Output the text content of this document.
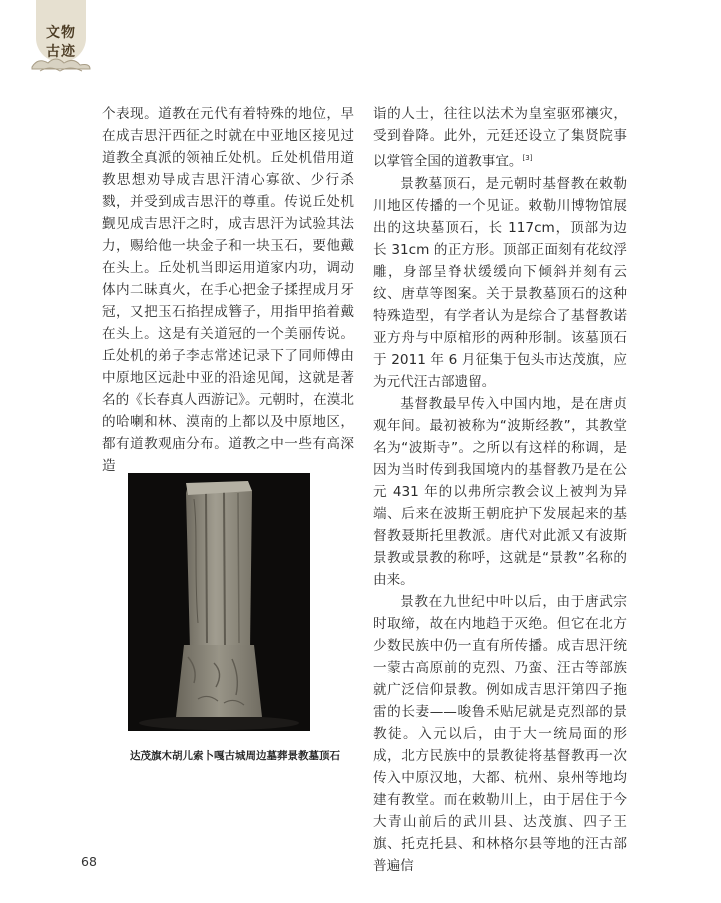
文物
古迹

个表现。道教在元代有着特殊的地位，早在成吉思汗西征之时就在中亚地区接见过道教全真派的领袖丘处机。丘处机借用道教思想劝导成吉思汗清心寡欲、少行杀戮，并受到成吉思汗的尊重。传说丘处机觐见成吉思汗之时，成吉思汗为试验其法力，赐给他一块金子和一块玉石，要他戴在头上。丘处机当即运用道家内功，调动体内二昧真火，在手心把金子揉捏成月牙冠，又把玉石掐捏成簪子，用指甲掐着戴在头上。这是有关道冠的一个美丽传说。丘处机的弟子李志常述记录下了同师傅由中原地区远赴中亚的沿途见闻，这就是著名的《长春真人西游记》。元朝时，在漠北的哈喇和林、漠南的上都以及中原地区，都有道教观庙分布。道教之中一些有高深造

达茂旗木胡儿索卜嘎古城周边墓葬景教墓顶石

诣的人士，往往以法术为皇室驱邪禳灾，受到眷降。此外，元廷还设立了集贤院事以掌管全国的道教事宜。[3]

景教墓顶石，是元朝时基督教在敕勒川地区传播的一个见证。敕勒川博物馆展出的这块墓顶石，长 117cm，顶部为边长 31cm 的正方形。顶部正面刻有花纹浮雕，身部呈脊状缓缓向下倾斜并刻有云纹、唐草等图案。关于景教墓顶石的这种特殊造型，有学者认为是综合了基督教诺亚方舟与中原棺形的两种形制。该墓顶石于 2011 年 6 月征集于包头市达茂旗，应为元代汪古部遗留。

基督教最早传入中国内地，是在唐贞观年间。最初被称为“波斯经教”，其教堂名为“波斯寺”。之所以有这样的称调，是因为当时传到我国境内的基督教乃是在公元 431 年的以弗所宗教会议上被判为异端、后来在波斯王朝庇护下发展起来的基督教聂斯托里教派。唐代对此派又有波斯景教或景教的称呼，这就是“景教”名称的由来。

景教在九世纪中叶以后，由于唐武宗时取缔，故在内地趋于灭绝。但它在北方少数民族中仍一直有所传播。成吉思汗统一蒙古高原前的克烈、乃蛮、汪古等部族就广泛信仰景教。例如成吉思汗第四子拖雷的长妻——唆鲁禾贴尼就是克烈部的景教徒。入元以后，由于大一统局面的形成，北方民族中的景教徒将基督教再一次传入中原汉地，大都、杭州、泉州等地均建有教堂。而在敕勒川上，由于居住于今大青山前后的武川县、达茂旗、四子王旗、托克托县、和林格尔县等地的汪古部普遍信

68
